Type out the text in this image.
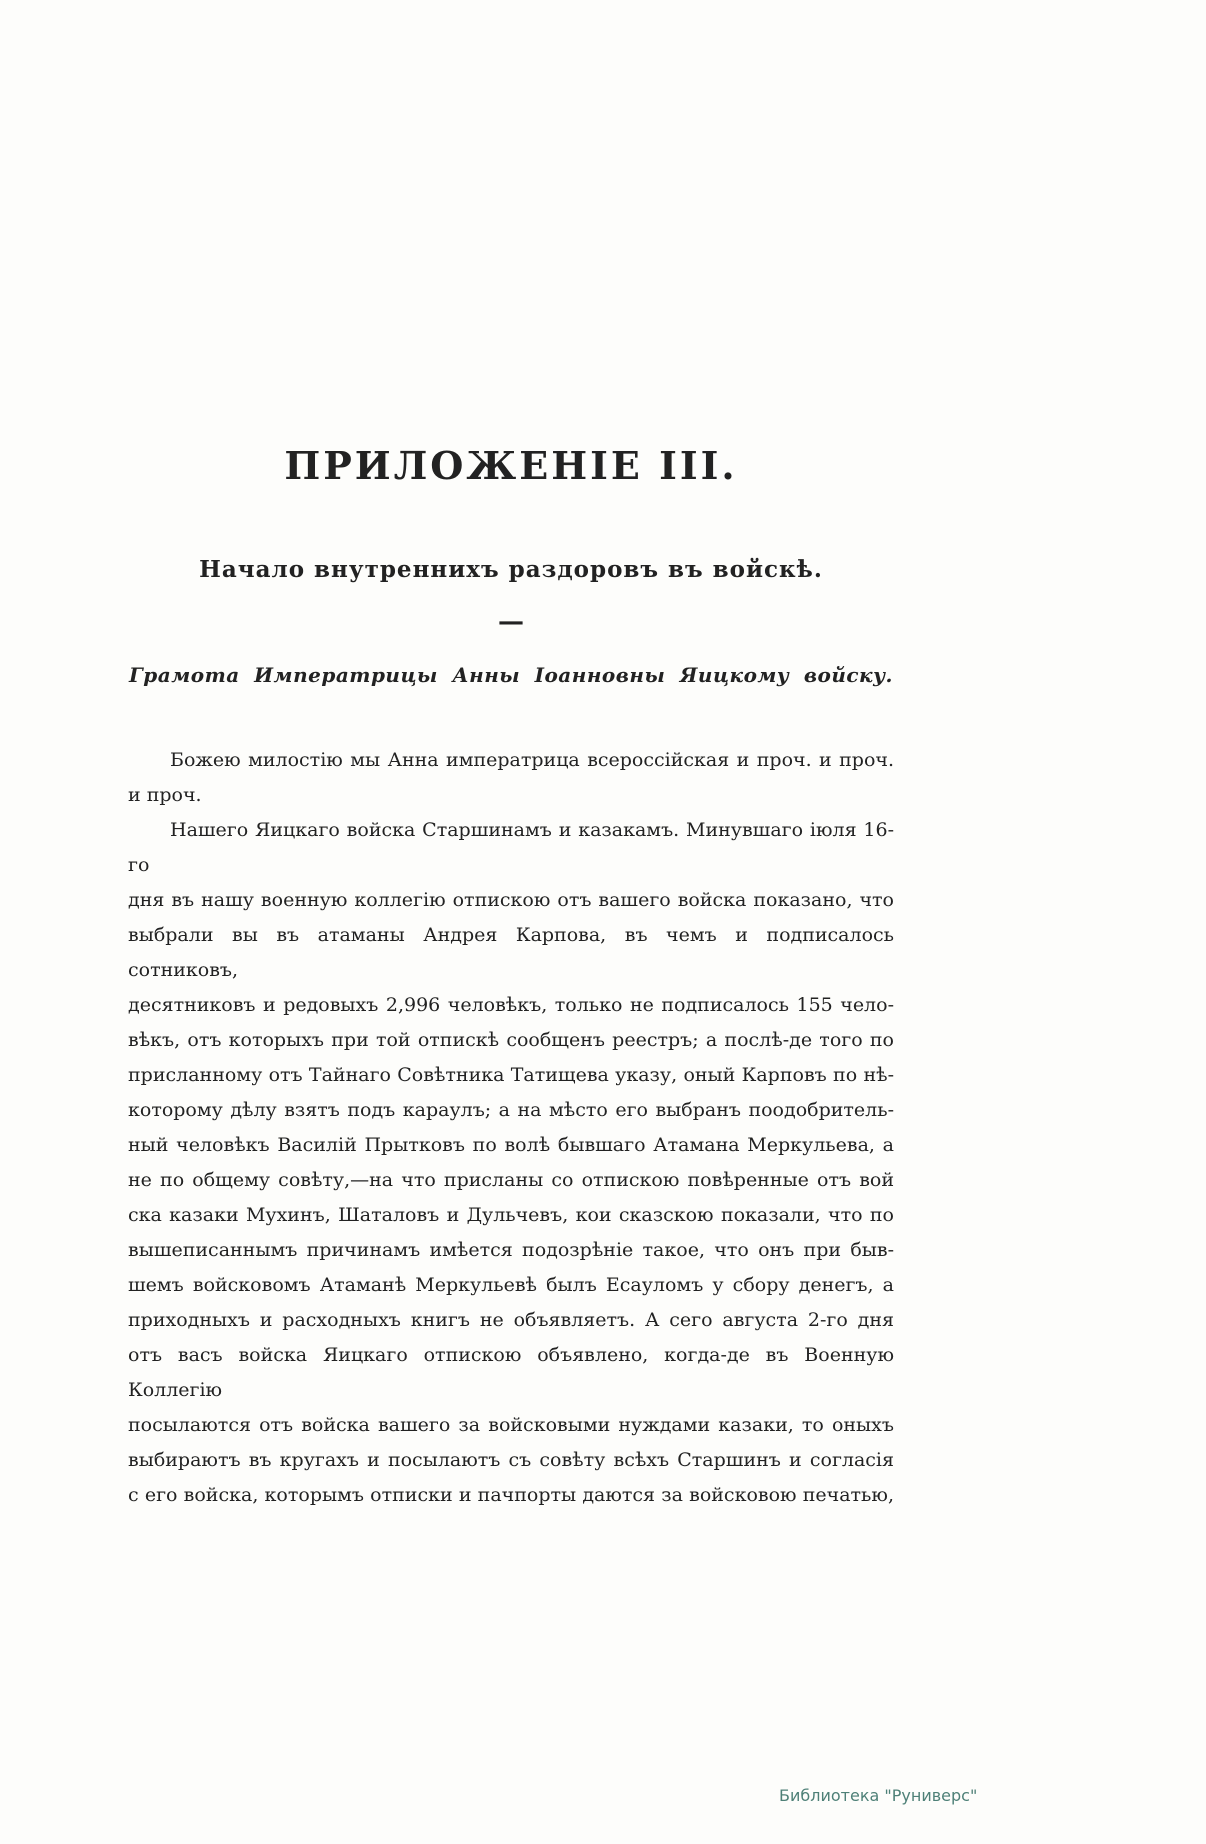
ПРИЛОЖЕНІЕ III.
Начало внутреннихъ раздоровъ въ войскѣ.
—
Грамота Императрицы Анны Іоанновны Яицкому войску.
Божею милостію мы Анна императрица всероссійская и проч. и проч.
и проч.
Нашего Яицкаго войска Старшинамъ и казакамъ. Минувшаго іюля 16-го
дня въ нашу военную коллегію отпискою отъ вашего войска показано, что
выбрали вы въ атаманы Андрея Карпова, въ чемъ и подписалось сотниковъ,
десятниковъ и редовыхъ 2,996 человѣкъ, только не подписалось 155 чело-
вѣкъ, отъ которыхъ при той отпискѣ сообщенъ реестръ; а послѣ-де того по
присланному отъ Тайнаго Совѣтника Татищева указу, оный Карповъ по нѣ-
которому дѣлу взятъ подъ караулъ; а на мѣсто его выбранъ поодобритель-
ный человѣкъ Василій Прытковъ по волѣ бывшаго Атамана Меркульева, а
не по общему совѣту,—на что присланы со отпискою повѣренные отъ вой
ска казаки Мухинъ, Шаталовъ и Дульчевъ, кои сказскою показали, что по
вышеписаннымъ причинамъ имѣется подозрѣніе такое, что онъ при быв-
шемъ войсковомъ Атаманѣ Меркульевѣ былъ Есауломъ у сбору денегъ, а
приходныхъ и расходныхъ книгъ не объявляетъ. А сего августа 2-го дня
отъ васъ войска Яицкаго отпискою объявлено, когда-де въ Военную Коллегію
посылаются отъ войска вашего за войсковыми нуждами казаки, то оныхъ
выбираютъ въ кругахъ и посылаютъ съ совѣту всѣхъ Старшинъ и согласія
с его войска, которымъ отписки и пачпорты даются за войсковою печатью,
Библиотека "Руниверс"
